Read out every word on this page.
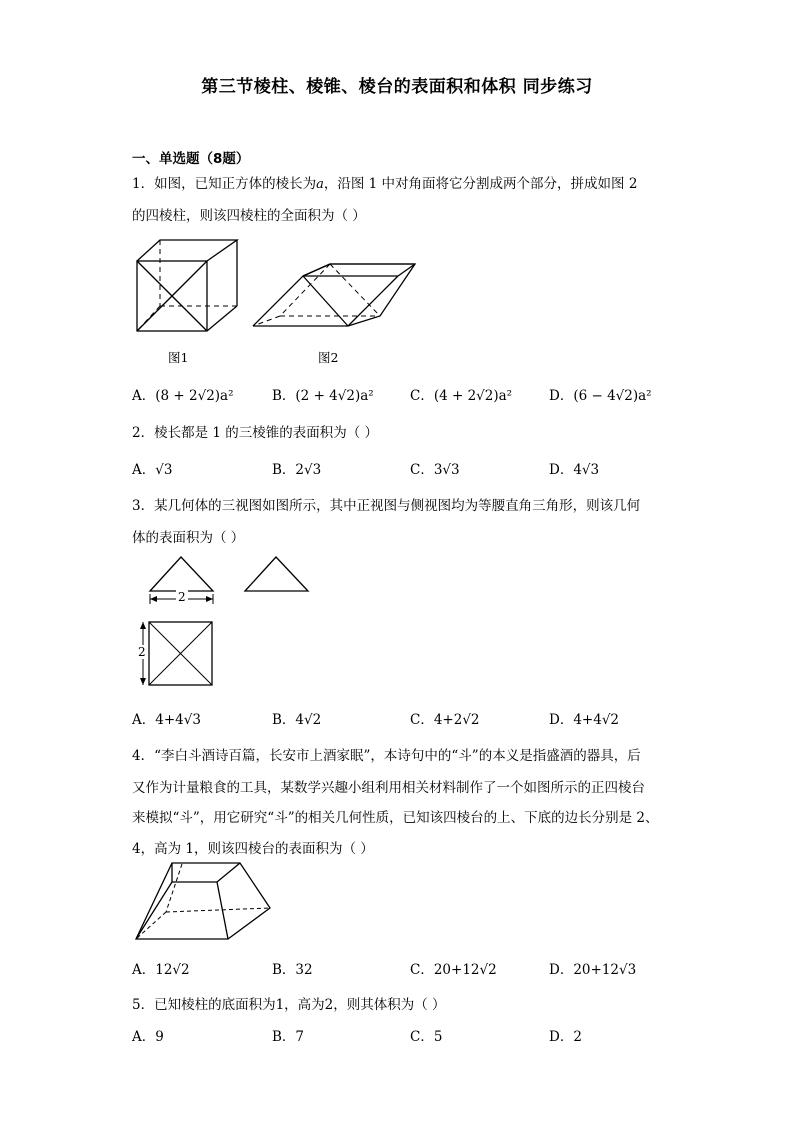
第三节棱柱、棱锥、棱台的表面积和体积 同步练习
一、单选题（8题）
1．如图，已知正方体的棱长为a，沿图 1 中对角面将它分割成两个部分，拼成如图 2
的四棱柱，则该四棱柱的全面积为（ ）
图1	图2
A．(8 + 2√2)a²	B．(2 + 4√2)a²	C．(4 + 2√2)a²	D．(6 − 4√2)a²
2．棱长都是 1 的三棱锥的表面积为（ ）
A．√3	B．2√3	C．3√3	D．4√3
3．某几何体的三视图如图所示，其中正视图与侧视图均为等腰直角三角形，则该几何
体的表面积为（ ）
2
2
A．4+4√3	B．4√2	C．4+2√2	D．4+4√2
4．“李白斗酒诗百篇，长安市上酒家眠”，本诗句中的“斗”的本义是指盛酒的器具，后
又作为计量粮食的工具，某数学兴趣小组利用相关材料制作了一个如图所示的正四棱台
来模拟“斗”，用它研究“斗”的相关几何性质，已知该四棱台的上、下底的边长分别是 2、
4，高为 1，则该四棱台的表面积为（ ）
A．12√2	B．32	C．20+12√2	D．20+12√3
5．已知棱柱的底面积为1，高为2，则其体积为（ ）
A．9	B．7	C．5	D．2
